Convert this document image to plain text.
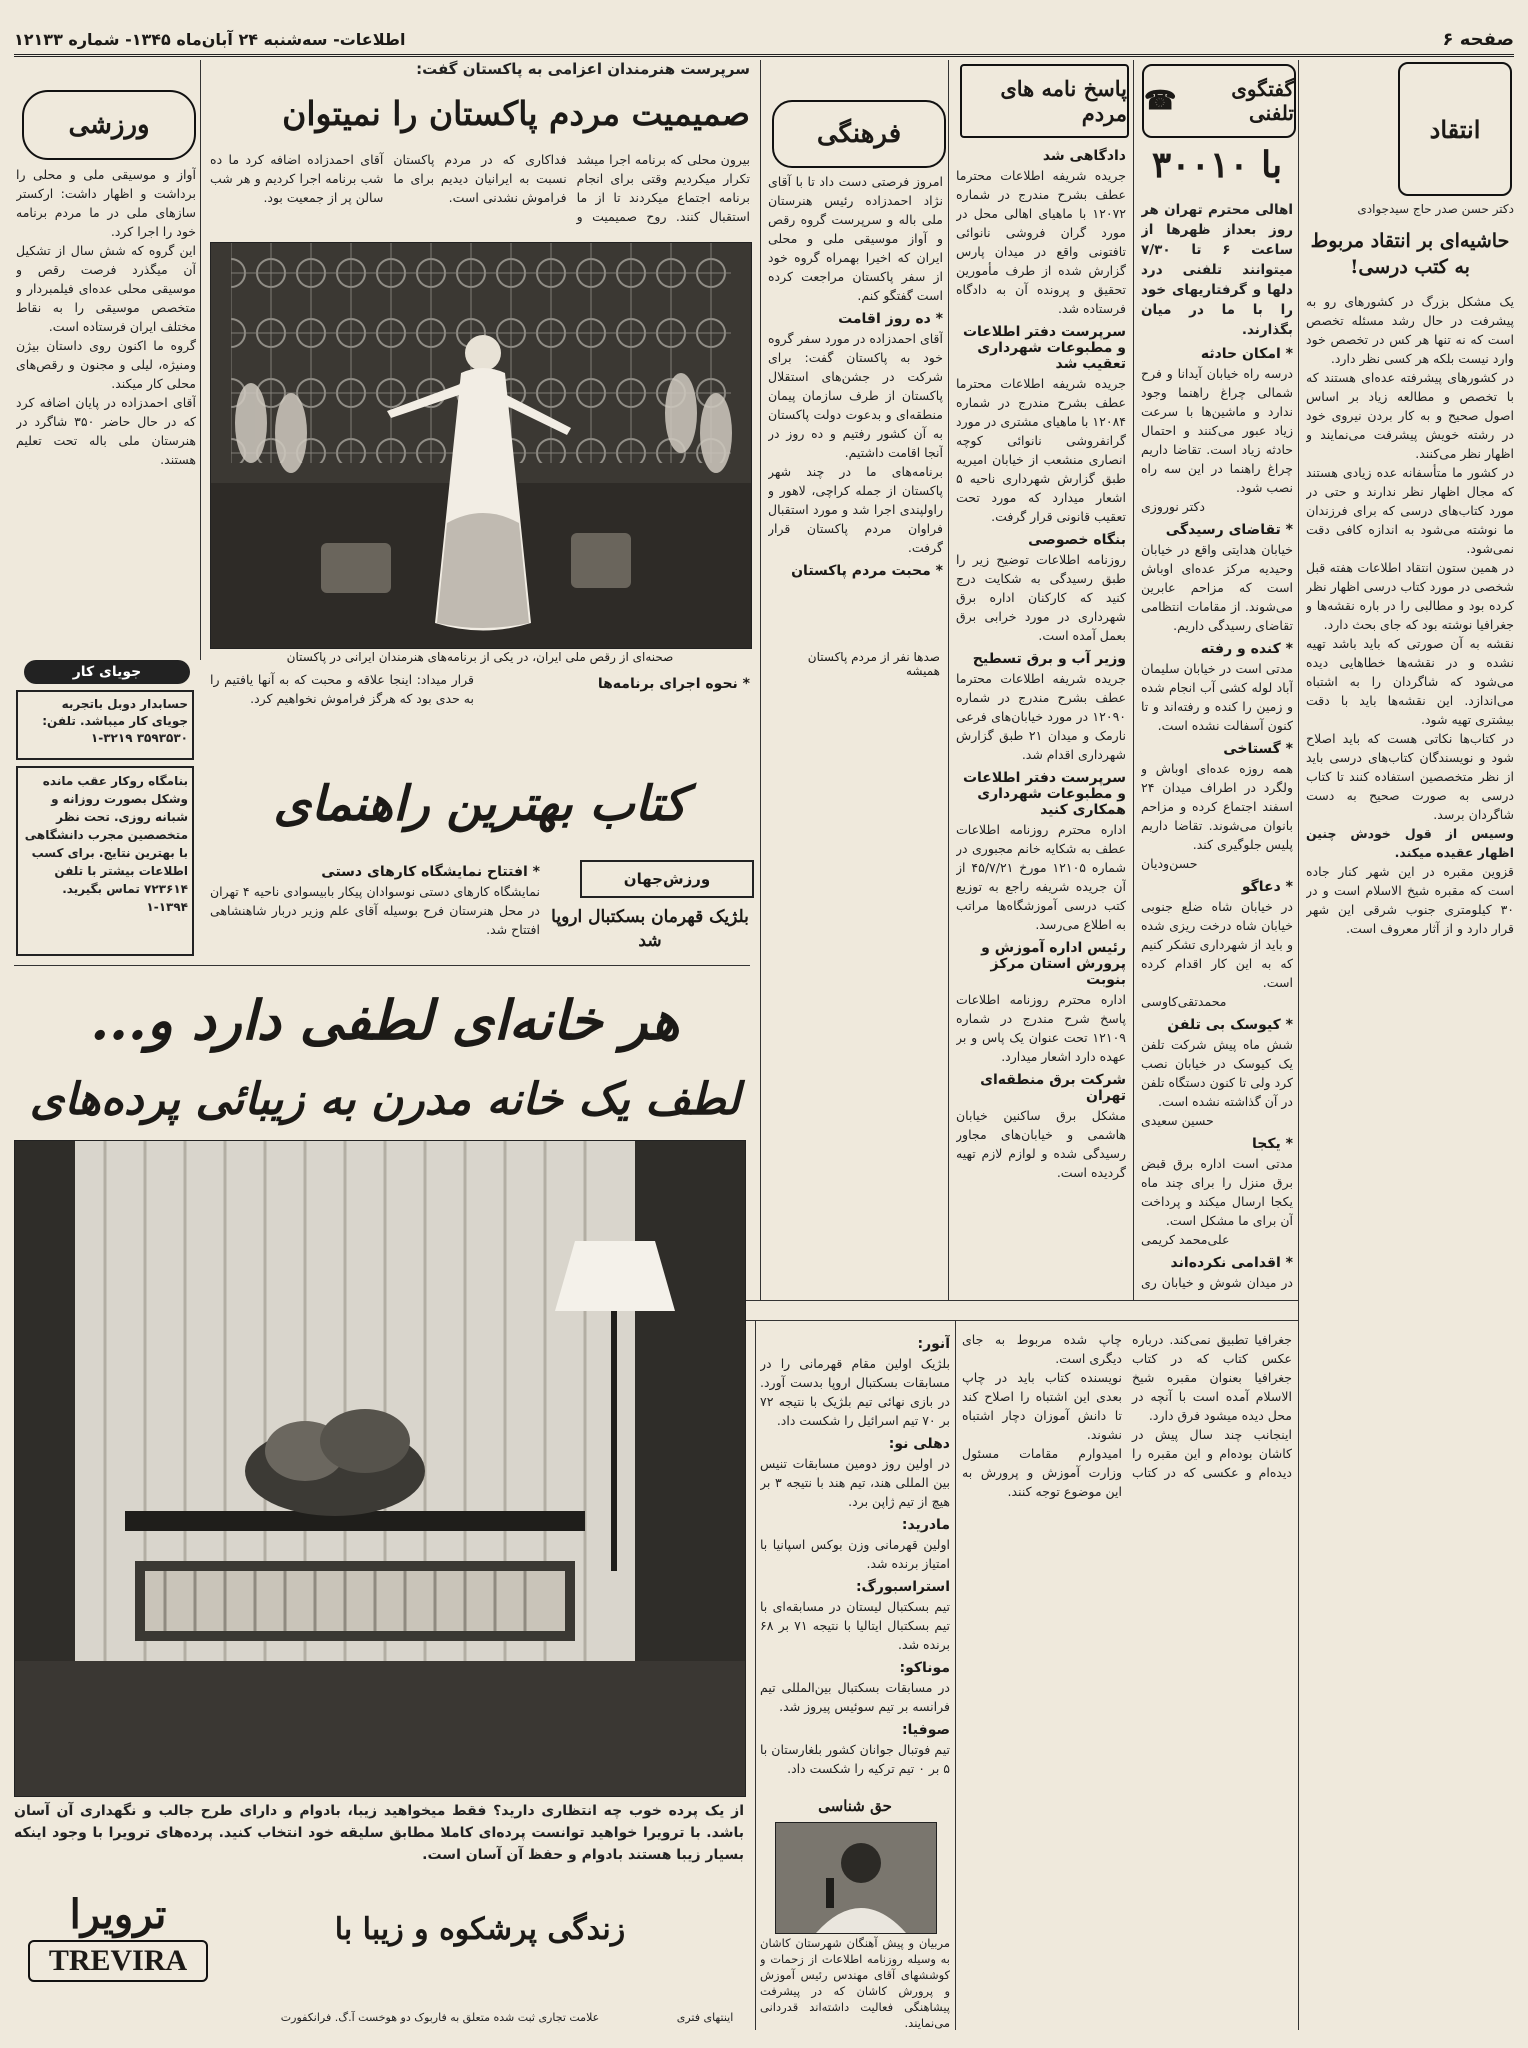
صفحه ۶
اطلاعات- سه‌شنبه ۲۴ آبان‌ماه ۱۳۴۵- شماره ۱۲۱۳۳
انتقاد

دکتر حسن صدر حاج سیدجوادی

حاشیه‌ای بر انتقاد مربوط به کتب درسی!

یک مشکل بزرگ در کشورهای رو به پیشرفت در حال رشد مسئله تخصص است که نه تنها هر کس در تخصص خود وارد نیست بلکه هر کسی نظر دارد.

در کشورهای پیشرفته عده‌ای هستند که با تخصص و مطالعه زیاد بر اساس اصول صحیح و به کار بردن نیروی خود در رشته خویش پیشرفت می‌نمایند و اظهار نظر می‌کنند.

در کشور ما متأسفانه عده زیادی هستند که مجال اظهار نظر ندارند و حتی در مورد کتاب‌های درسی که برای فرزندان ما نوشته می‌شود به اندازه کافی دقت نمی‌شود.

در همین ستون انتقاد اطلاعات هفته قبل شخصی در مورد کتاب درسی اظهار نظر کرده بود و مطالبی را در باره نقشه‌ها و جغرافیا نوشته بود که جای بحث دارد.

نقشه به آن صورتی که باید باشد تهیه نشده و در نقشه‌ها خطاهایی دیده می‌شود که شاگردان را به اشتباه می‌اندازد. این نقشه‌ها باید با دقت بیشتری تهیه شود.

در کتاب‌ها نکاتی هست که باید اصلاح شود و نویسندگان کتاب‌های درسی باید از نظر متخصصین استفاده کنند تا کتاب درسی به صورت صحیح به دست شاگردان برسد.

وسیس از قول خودش چنین اظهار عقیده میکند.

قزوین مقبره در این شهر کنار جاده است که مقبره شیخ الاسلام است و در ۳۰ کیلومتری جنوب شرقی این شهر قرار دارد و از آثار معروف است.

گفتگوی تلفنی
☎
با ۳۰۰۱۰

اهالی محترم تهران هر روز بعداز ظهرها از ساعت ۶ تا ۷/۳۰ میتوانند تلفنی درد دلها و گرفتاریهای خود را با ما در میان بگذارند.

* امکان حادثه

درسه راه خیابان آیدانا و فرح شمالی چراغ راهنما وجود ندارد و ماشین‌ها با سرعت زیاد عبور می‌کنند و احتمال حادثه زیاد است. تقاضا داریم چراغ راهنما در این سه راه نصب شود.

دکتر نوروزی

* تقاضای رسیدگی

خیابان هدایتی واقع در خیابان وحیدیه مرکز عده‌ای اوباش است که مزاحم عابرین می‌شوند. از مقامات انتظامی تقاضای رسیدگی داریم.

* کنده و رفته

مدتی است در خیابان سلیمان آباد لوله کشی آب انجام شده و زمین را کنده و رفته‌اند و تا کنون آسفالت نشده است.

* گستاخی

همه روزه عده‌ای اوباش و ولگرد در اطراف میدان ۲۴ اسفند اجتماع کرده و مزاحم بانوان می‌شوند. تقاضا داریم پلیس جلوگیری کند.

حسن‌ودیان

* دعاگو

در خیابان شاه ضلع جنوبی خیابان شاه درخت ریزی شده و باید از شهرداری تشکر کنیم که به این کار اقدام کرده است.

محمدتقی‌کاوسی

* کیوسک بی تلفن

شش ماه پیش شرکت تلفن یک کیوسک در خیابان نصب کرد ولی تا کنون دستگاه تلفن در آن گذاشته نشده است.

حسین سعیدی

* یکجا

مدتی است اداره برق قبض برق منزل را برای چند ماه یکجا ارسال میکند و پرداخت آن برای ما مشکل است.

علی‌محمد کریمی

* اقدامی نکرده‌اند

در میدان شوش و خیابان ری

پاسخ نامه های مردم
دادگاهی شد

جریده شریفه اطلاعات محترما عطف بشرح مندرج در شماره ۱۲۰۷۲ با ماهیای اهالی محل در مورد گران فروشی نانوائی تافتونی واقع در میدان پارس گزارش شده از طرف مأمورین تحقیق و پرونده آن به دادگاه فرستاده شد.

سرپرست دفتر اطلاعات و مطبوعات شهرداری تعقیب شد

جریده شریفه اطلاعات محترما عطف بشرح مندرج در شماره ۱۲۰۸۴ با ماهیای مشتری در مورد گرانفروشی نانوائی کوچه انصاری منشعب از خیابان امیریه طبق گزارش شهرداری ناحیه ۵ اشعار میدارد که مورد تحت تعقیب قانونی قرار گرفت.

بنگاه خصوصی

روزنامه اطلاعات توضیح زیر را طبق رسیدگی به شکایت درج کنید که کارکنان اداره برق شهرداری در مورد خرابی برق بعمل آمده است.

وزیر آب و برق تسطیح

جریده شریفه اطلاعات محترما عطف بشرح مندرج در شماره ۱۲۰۹۰ در مورد خیابان‌های فرعی نارمک و میدان ۲۱ طبق گزارش شهرداری اقدام شد.

سرپرست دفتر اطلاعات و مطبوعات شهرداری همکاری کنید

اداره محترم روزنامه اطلاعات عطف به شکایه خانم مجبوری در شماره ۱۲۱۰۵ مورخ ۴۵/۷/۲۱ از آن جریده شریفه راجع به توزیع کتب درسی آموزشگاه‌ها مراتب به اطلاع می‌رسد.

رئیس اداره آموزش و پرورش استان مرکز بنوبت

اداره محترم روزنامه اطلاعات پاسخ شرح مندرج در شماره ۱۲۱۰۹ تحت عنوان یک پاس و بر عهده دارد اشعار میدارد.

شرکت برق منطقه‌ای تهران

مشکل برق ساکنین خیابان هاشمی و خیابان‌های مجاور رسیدگی شده و لوازم لازم تهیه گردیده است.

سرپرست هنرمندان اعزامی به پاکستان گفت:
صمیمیت مردم پاکستان را نمیتوان
فرهنگی

امروز فرصتی دست داد تا با آقای نژاد احمدزاده رئیس هنرستان ملی باله و سرپرست گروه رقص و آواز موسیقی ملی و محلی ایران که اخیرا بهمراه گروه خود از سفر پاکستان مراجعت کرده است گفتگو کنم.

* ده روز اقامت

آقای احمدزاده در مورد سفر گروه خود به پاکستان گفت: برای شرکت در جشن‌های استقلال پاکستان از طرف سازمان پیمان منطقه‌ای و بدعوت دولت پاکستان به آن کشور رفتیم و ده روز در آنجا اقامت داشتیم.

برنامه‌های ما در چند شهر پاکستان از جمله کراچی، لاهور و راولپندی اجرا شد و مورد استقبال فراوان مردم پاکستان قرار گرفت.

* محبت مردم پاکستان

بیرون محلی که برنامه اجرا میشد تکرار میکردیم وقتی برای انجام برنامه اجتماع میکردند تا از ما استقبال کنند. روح صمیمیت و فداکاری که در مردم پاکستان نسبت به ایرانیان دیدیم برای ما فراموش نشدنی است.

آقای احمدزاده اضافه کرد ما ده شب برنامه اجرا کردیم و هر شب سالن پر از جمعیت بود.

صحنه‌ای از رقص ملی ایران، در یکی از برنامه‌های هنرمندان ایرانی در پاکستان	صدها نفر از مردم پاکستان همیشه
ورزشی

آواز و موسیقی ملی و محلی را برداشت و اظهار داشت: ارکستر سازهای ملی در ما مردم برنامه خود را اجرا کرد.

این گروه که شش سال از تشکیل آن میگذرد فرصت رقص و موسیقی محلی عده‌ای فیلمبردار و متخصص موسیقی را به نقاط مختلف ایران فرستاده است.

گروه ما اکنون روی داستان بیژن ومنیژه، لیلی و مجنون و رقص‌های محلی کار میکند.

آقای احمدزاده در پایان اضافه کرد که در حال حاضر ۳۵۰ شاگرد در هنرستان ملی باله تحت تعلیم هستند.

جویای کار

حسابدار دوبل باتجربه جویای کار میباشد. تلفن: ۳۵۹۳۵۳۰ ۳۲۱۹-۱

بنامگاه روکار عقب مانده وشکل بصورت روزانه و شبانه روزی. تحت نظر متخصصین مجرب دانشگاهی با بهترین نتایج. برای کسب اطلاعات بیشتر با تلفن ۷۲۳۶۱۴ تماس بگیرید. ۱۳۹۴-۱

* نحوه اجرای برنامه‌ها

قرار میداد: اینجا علاقه و محبت که به آنها یافتیم را به حدی بود که هرگز فراموش نخواهیم کرد.

کتاب بهترین راهنمای
ورزش‌جهان
بلژیک قهرمان بسکتبال اروپا شد
* افتتاح نمایشگاه کارهای دستی

نمایشگاه کارهای دستی نوسوادان پیکار بابیسوادی ناحیه ۴ تهران در محل هنرستان فرح بوسیله آقای علم وزیر دربار شاهنشاهی افتتاح شد.

هر خانه‌ای لطفی دارد و...
لطف یک خانه مدرن به زیبائی پرده‌های

از یک پرده خوب چه انتظاری دارید؟ فقط میخواهید زیبا، بادوام و دارای طرح جالب و نگهداری آن آسان باشد. با ترویرا خواهید توانست پرده‌ای کاملا مطابق سلیقه خود انتخاب کنید. پرده‌های ترویرا با وجود اینکه بسیار زیبا هستند بادوام و حفظ آن آسان است.

زندگی پرشکوه و زیبا با
ترویرا
TREVIRA
علامت تجاری ثبت شده متعلق به فاربوک دو هوخست آ.گ. فرانکفورت	اینتهای فتری
آنور:

بلژیک اولین مقام قهرمانی را در مسابقات بسکتبال اروپا بدست آورد. در بازی نهائی تیم بلژیک با نتیجه ۷۲ بر ۷۰ تیم اسرائیل را شکست داد.

دهلی نو:

در اولین روز دومین مسابقات تنیس بین المللی هند، تیم هند با نتیجه ۳ بر هیچ از تیم ژاپن برد.

مادرید:

اولین قهرمانی وزن بوکس اسپانیا با امتیاز برنده شد.

استراسبورگ:

تیم بسکتبال لیستان در مسابقه‌ای با تیم بسکتبال ایتالیا با نتیجه ۷۱ بر ۶۸ برنده شد.

موناکو:

در مسابقات بسکتبال بین‌المللی تیم فرانسه بر تیم سوئیس پیروز شد.

صوفیا:

تیم فوتبال جوانان کشور بلغارستان با ۵ بر ۰ تیم ترکیه را شکست داد.

حق شناسی

مربیان و پیش آهنگان شهرستان کاشان به وسیله روزنامه اطلاعات از زحمات و کوششهای آقای مهندس رئیس آموزش و پرورش کاشان که در پیشرفت پیشاهنگی فعالیت داشته‌اند قدردانی می‌نمایند.

جغرافیا تطبیق نمی‌کند. درباره عکس کتاب که در کتاب جغرافیا بعنوان مقبره شیخ الاسلام آمده است با آنچه در محل دیده میشود فرق دارد.

اینجانب چند سال پیش در کاشان بوده‌ام و این مقبره را دیده‌ام و عکسی که در کتاب چاپ شده مربوط به جای دیگری است.

نویسنده کتاب باید در چاپ بعدی این اشتباه را اصلاح کند تا دانش آموزان دچار اشتباه نشوند.

امیدوارم مقامات مسئول وزارت آموزش و پرورش به این موضوع توجه کنند.
